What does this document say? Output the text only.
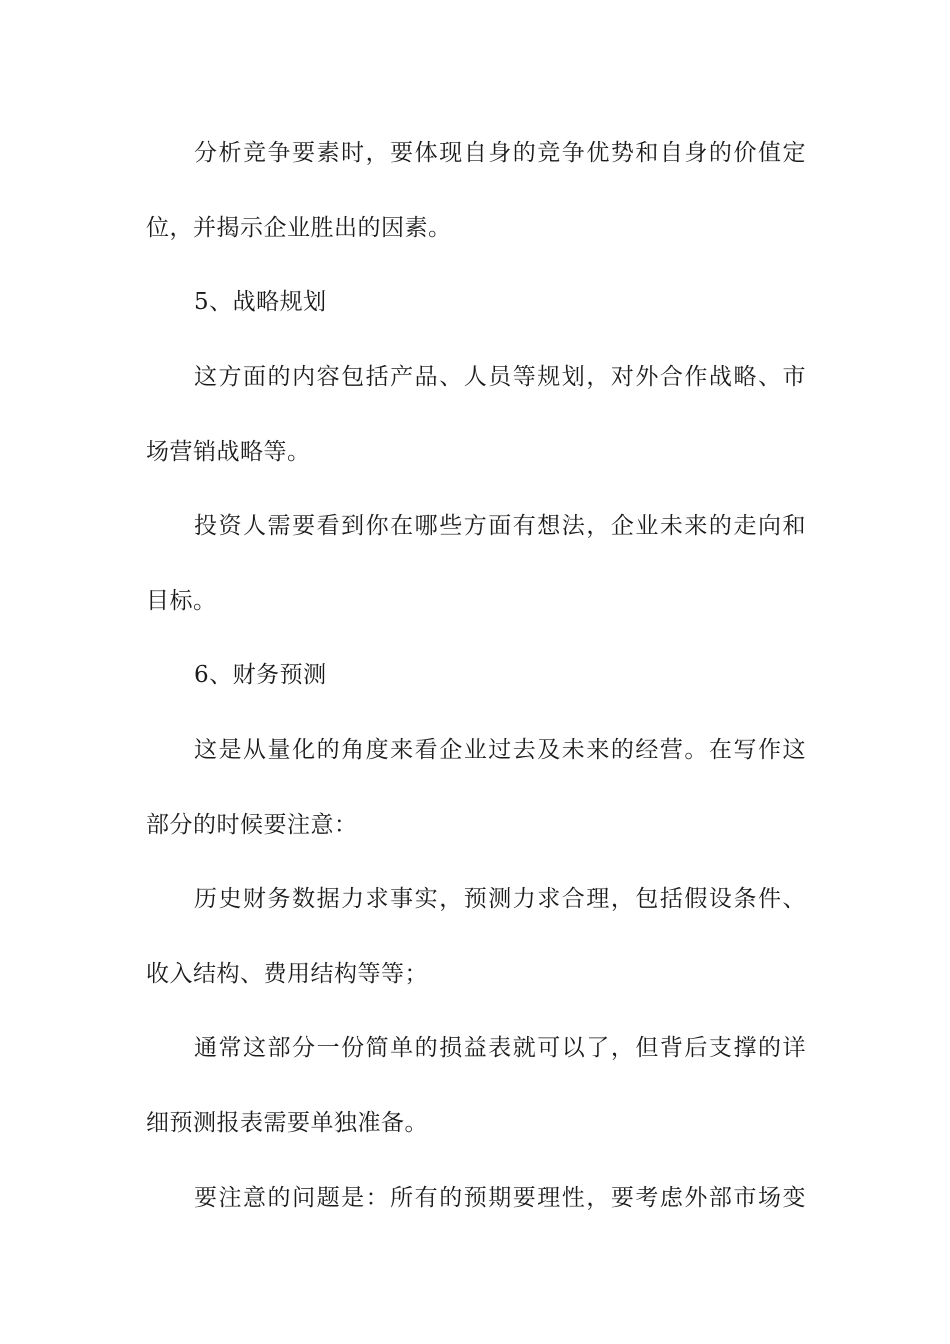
分析竞争要素时，要体现自身的竞争优势和自身的价值定
位，并揭示企业胜出的因素。
5、战略规划
这方面的内容包括产品、人员等规划，对外合作战略、市
场营销战略等。
投资人需要看到你在哪些方面有想法，企业未来的走向和
目标。
6、财务预测
这是从量化的角度来看企业过去及未来的经营。在写作这
部分的时候要注意：
历史财务数据力求事实，预测力求合理，包括假设条件、
收入结构、费用结构等等；
通常这部分一份简单的损益表就可以了，但背后支撑的详
细预测报表需要单独准备。
要注意的问题是：所有的预期要理性，要考虑外部市场变
